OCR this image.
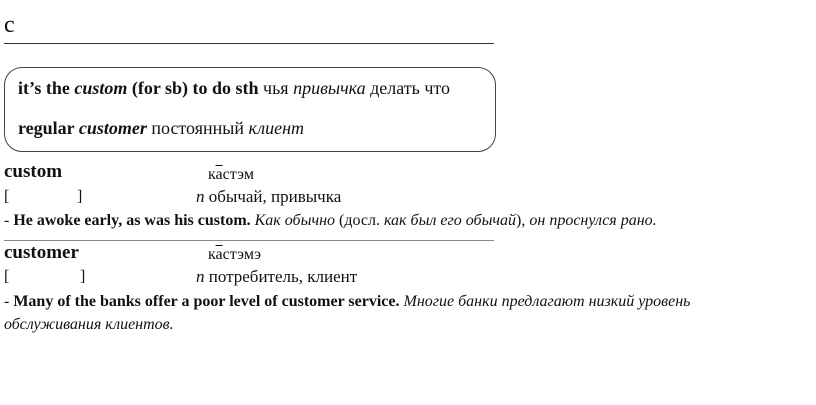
c
it’s the custom (for sb) to do sth чья привычка делать что
regular customer постоянный клиент
custom	кастэм
[	]	n обычай, привычка
- He awoke early, as was his custom. Как обычно (досл. как был его обычай), он проснулся рано.
customer	кастэмэ
[	]	n потребитель, клиент
- Many of the banks offer a poor level of customer service. Многие банки предлагают низкий уровень
обслуживания клиентов.
